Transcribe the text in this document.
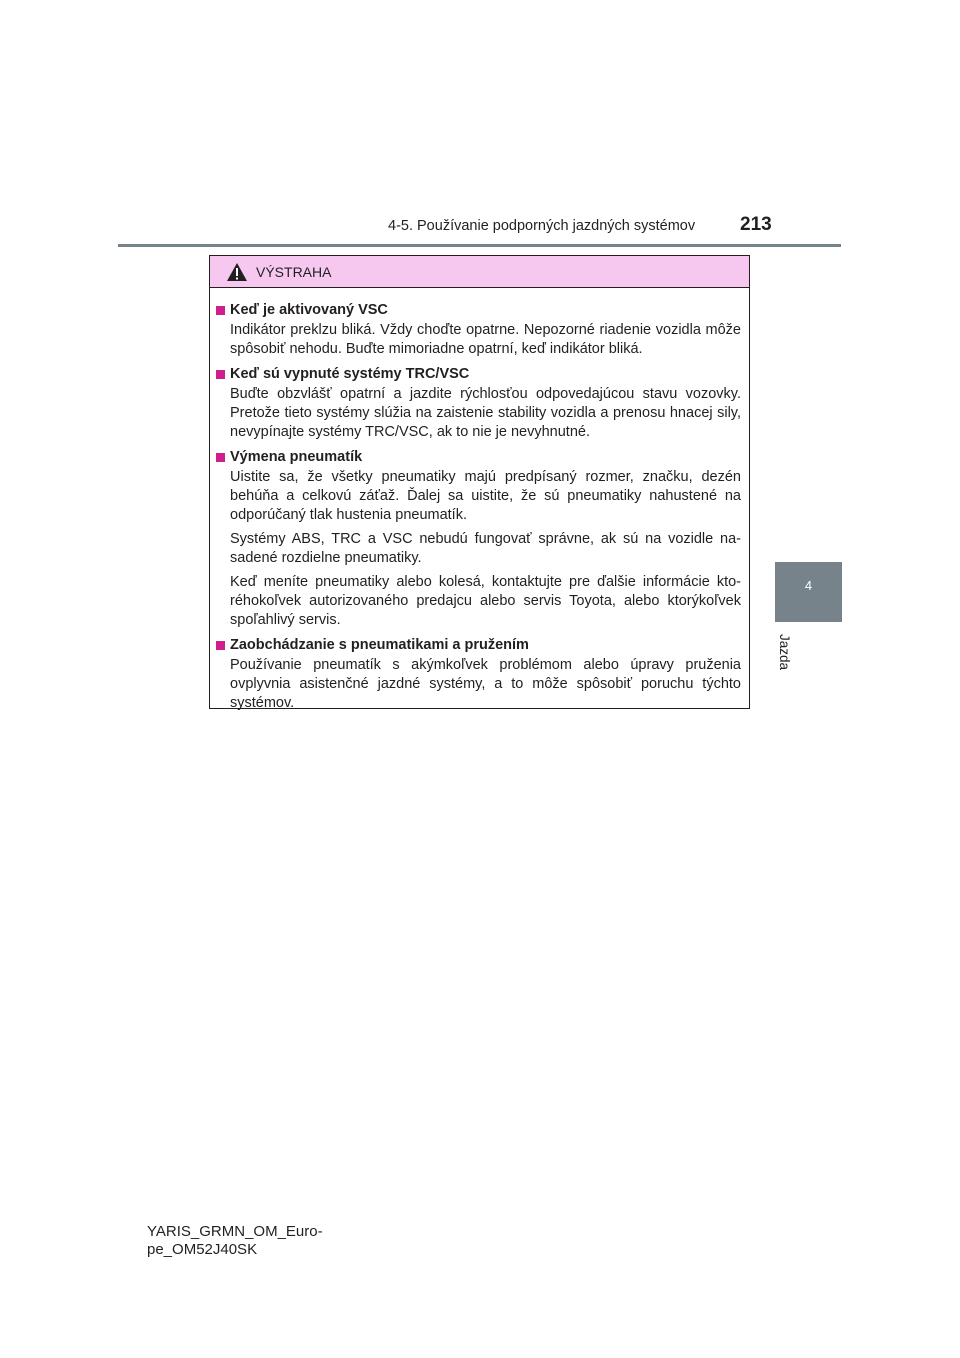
4-5. Používanie podporných jazdných systémov 213
4
Jazda
VÝSTRAHA
Keď je aktivovaný VSC

Indikátor preklzu bliká. Vždy choďte opatrne. Nepozorné riadenie vozidla môže spôsobiť nehodu. Buďte mimoriadne opatrní, keď indikátor bliká.

Keď sú vypnuté systémy TRC/VSC

Buďte obzvlášť opatrní a jazdite rýchlosťou odpovedajúcou stavu vozovky. Pretože tieto systémy slúžia na zaistenie stability vozidla a prenosu hnacej sily, nevypínajte systémy TRC/VSC, ak to nie je nevyhnutné.

Výmena pneumatík

Uistite sa, že všetky pneumatiky majú predpísaný rozmer, značku, dezén behúňa a celkovú záťaž. Ďalej sa uistite, že sú pneumatiky nahustené na odporúčaný tlak hustenia pneumatík.

Systémy ABS, TRC a VSC nebudú fungovať správne, ak sú na vozidle na-sadené rozdielne pneumatiky.

Keď meníte pneumatiky alebo kolesá, kontaktujte pre ďalšie informácie kto-réhokoľvek autorizovaného predajcu alebo servis Toyota, alebo ktorýkoľvek spoľahlivý servis.

Zaobchádzanie s pneumatikami a pružením

Používanie pneumatík s akýmkoľvek problémom alebo úpravy pruženia ovplyvnia asistenčné jazdné systémy, a to môže spôsobiť poruchu týchto systémov.

YARIS_GRMN_OM_Euro-
pe_OM52J40SK
